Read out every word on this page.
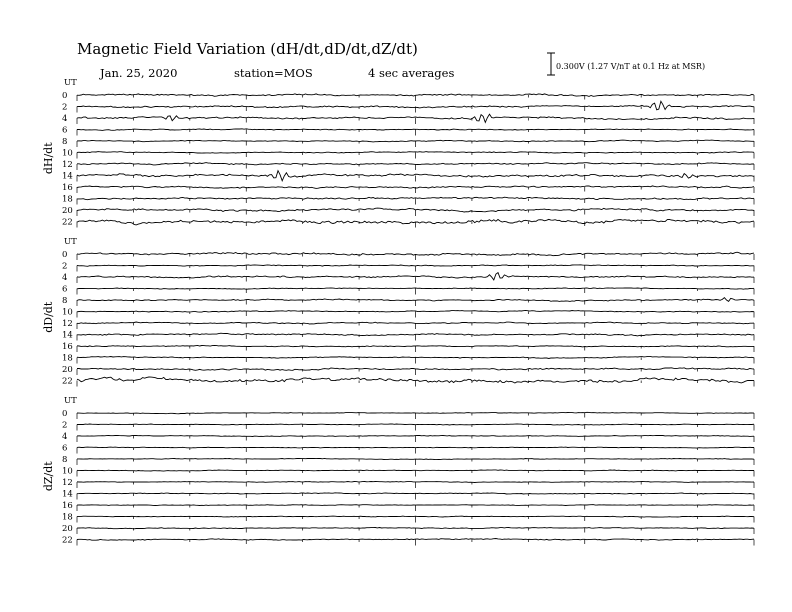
Magnetic Field Variation (dH/dt,dD/dt,dZ/dt)
Jan. 25, 2020	station=MOS	4 sec averages	0.300V (1.27 V/nT at 0.1 Hz at MSR)
UT
dH/dt
0
2
4
6
8
10
12
14
16
18
20
22
UT
dD/dt
0
2
4
6
8
10
12
14
16
18
20
22
UT
dZ/dt
0
2
4
6
8
10
12
14
16
18
20
22
